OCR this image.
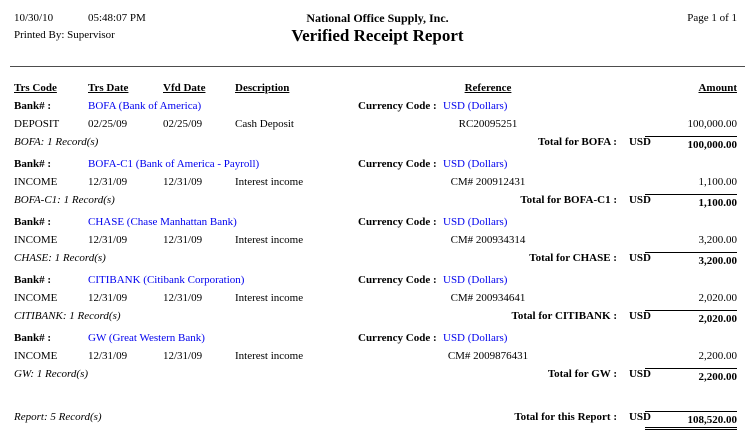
10/30/10	05:48:07 PM
Printed By: Supervisor
National Office Supply, Inc.
Verified Receipt Report
Page 1 of 1
Trs Code	Trs Date	Vfd Date	Description	Reference	Amount
Bank# :	BOFA (Bank of America)	Currency Code : USD (Dollars)
DEPOSIT	02/25/09	02/25/09	Cash Deposit	RC20095251	100,000.00
BOFA: 1 Record(s)	Total for BOFA : USD	100,000.00
Bank# :	BOFA-C1 (Bank of America - Payroll)	Currency Code : USD (Dollars)
INCOME	12/31/09	12/31/09	Interest income	CM# 200912431	1,100.00
BOFA-C1: 1 Record(s)	Total for BOFA-C1 : USD	1,100.00
Bank# :	CHASE (Chase Manhattan Bank)	Currency Code : USD (Dollars)
INCOME	12/31/09	12/31/09	Interest income	CM# 200934314	3,200.00
CHASE: 1 Record(s)	Total for CHASE : USD	3,200.00
Bank# :	CITIBANK (Citibank Corporation)	Currency Code : USD (Dollars)
INCOME	12/31/09	12/31/09	Interest income	CM# 200934641	2,020.00
CITIBANK: 1 Record(s)	Total for CITIBANK : USD	2,020.00
Bank# :	GW (Great Western Bank)	Currency Code : USD (Dollars)
INCOME	12/31/09	12/31/09	Interest income	CM# 2009876431	2,200.00
GW: 1 Record(s)	Total for GW : USD	2,200.00
Report: 5 Record(s)	Total for this Report : USD	108,520.00
